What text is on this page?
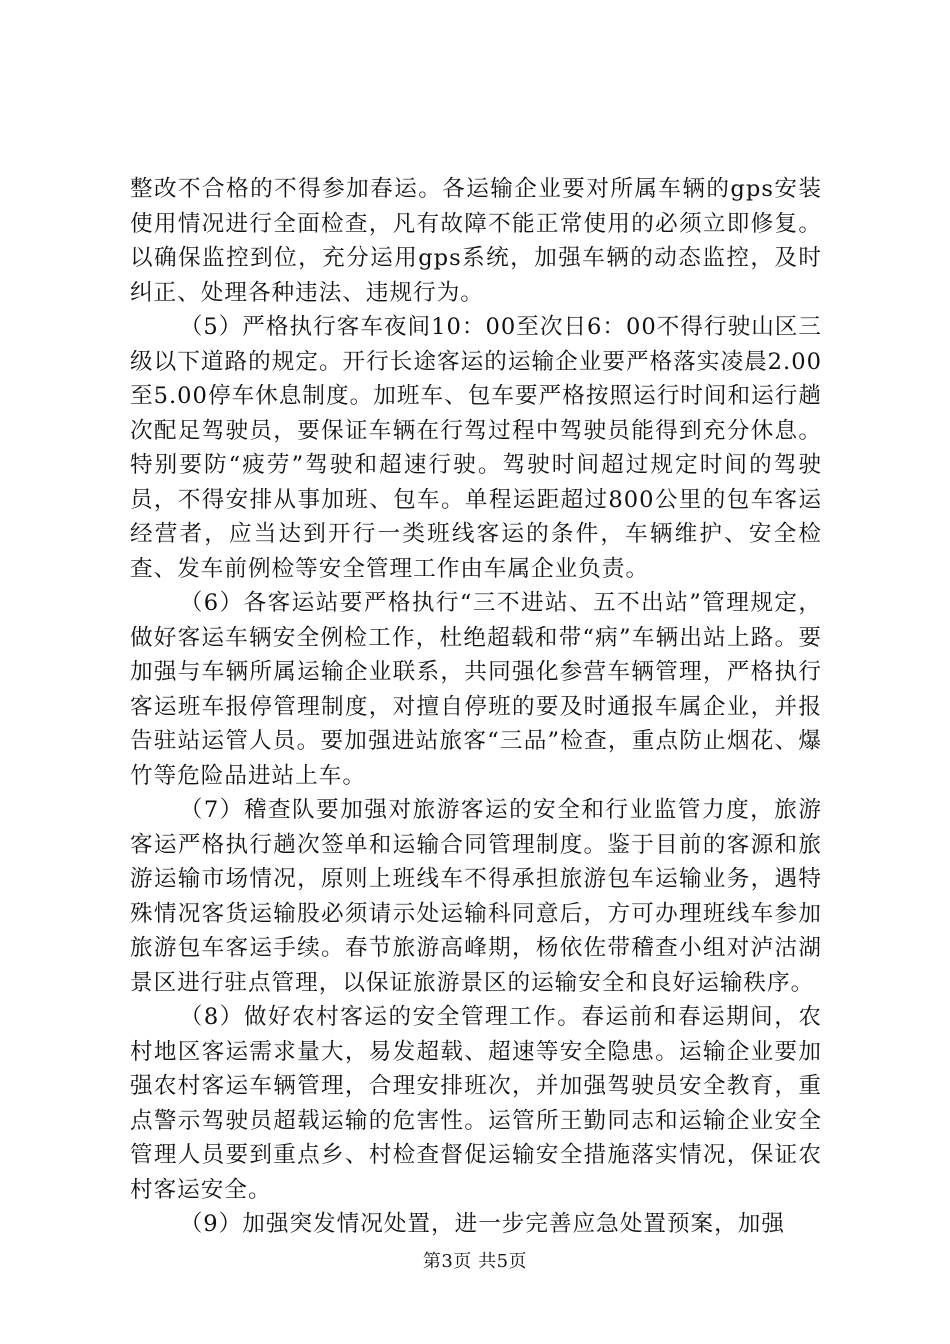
整改不合格的不得参加春运。各运输企业要对所属车辆的gps安装使用情况进行全面检查，凡有故障不能正常使用的必须立即修复。以确保监控到位，充分运用gps系统，加强车辆的动态监控，及时纠正、处理各种违法、违规行为。

（5）严格执行客车夜间10：00至次日6：00不得行驶山区三级以下道路的规定。开行长途客运的运输企业要严格落实凌晨2.00至5.00停车休息制度。加班车、包车要严格按照运行时间和运行趟次配足驾驶员，要保证车辆在行驾过程中驾驶员能得到充分休息。特别要防“疲劳”驾驶和超速行驶。驾驶时间超过规定时间的驾驶员，不得安排从事加班、包车。单程运距超过800公里的包车客运经营者，应当达到开行一类班线客运的条件，车辆维护、安全检查、发车前例检等安全管理工作由车属企业负责。

（6）各客运站要严格执行“三不进站、五不出站”管理规定，做好客运车辆安全例检工作，杜绝超载和带“病”车辆出站上路。要加强与车辆所属运输企业联系，共同强化参营车辆管理，严格执行客运班车报停管理制度，对擅自停班的要及时通报车属企业，并报告驻站运管人员。要加强进站旅客“三品”检查，重点防止烟花、爆竹等危险品进站上车。

（7）稽查队要加强对旅游客运的安全和行业监管力度，旅游客运严格执行趟次签单和运输合同管理制度。鉴于目前的客源和旅游运输市场情况，原则上班线车不得承担旅游包车运输业务，遇特殊情况客货运输股必须请示处运输科同意后，方可办理班线车参加旅游包车客运手续。春节旅游高峰期，杨依佐带稽查小组对泸沽湖景区进行驻点管理，以保证旅游景区的运输安全和良好运输秩序。

（8）做好农村客运的安全管理工作。春运前和春运期间，农村地区客运需求量大，易发超载、超速等安全隐患。运输企业要加强农村客运车辆管理，合理安排班次，并加强驾驶员安全教育，重点警示驾驶员超载运输的危害性。运管所王勤同志和运输企业安全管理人员要到重点乡、村检查督促运输安全措施落实情况，保证农村客运安全。

（9）加强突发情况处置，进一步完善应急处置预案，加强

第3页 共5页
